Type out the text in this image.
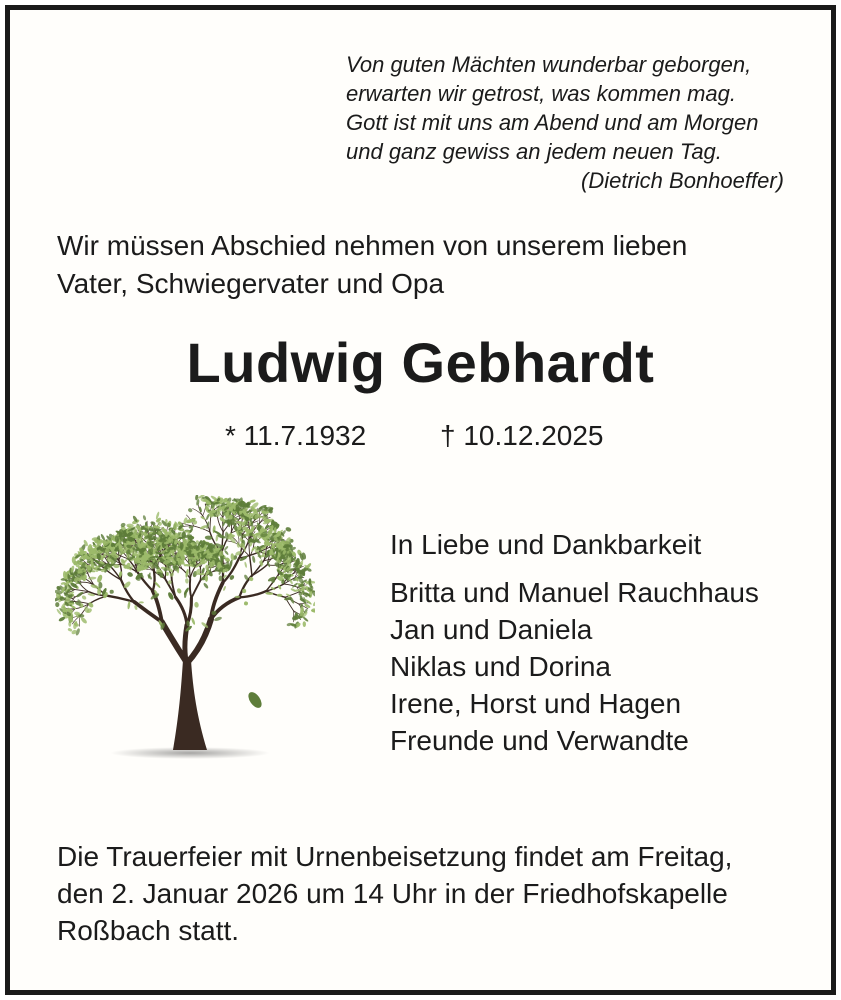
Von guten Mächten wunderbar geborgen,
erwarten wir getrost, was kommen mag.
Gott ist mit uns am Abend und am Morgen
und ganz gewiss an jedem neuen Tag.
(Dietrich Bonhoeffer)
Wir müssen Abschied nehmen von unserem lieben
Vater, Schwiegervater und Opa
Ludwig Gebhardt
* 11.7.1932	† 10.12.2025
In Liebe und Dankbarkeit
Britta und Manuel Rauchhaus
Jan und Daniela
Niklas und Dorina
Irene, Horst und Hagen
Freunde und Verwandte
Die Trauerfeier mit Urnenbeisetzung findet am Freitag,
den 2. Januar 2026 um 14 Uhr in der Friedhofskapelle
Roßbach statt.
